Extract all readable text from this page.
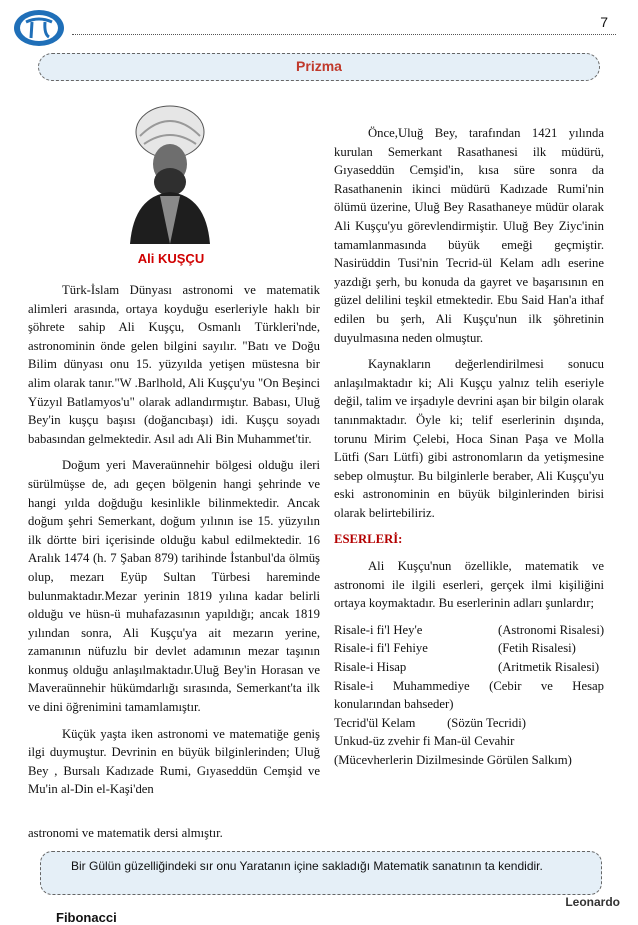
7
Prizma
Ali KUŞÇU

Türk-İslam Dünyası astronomi ve matematik alimleri arasında, ortaya koyduğu eserleriyle haklı bir şöhrete sahip Ali Kuşçu, Osmanlı Türkleri'nde, astronominin önde gelen bilgini sayılır. "Batı ve Doğu Bilim dünyası onu 15. yüzyılda yetişen müstesna bir alim olarak tanır."W .Barlhold, Ali Kuşçu'yu "On Beşinci Yüzyıl Batlamyos'u" olarak adlandırmıştır. Babası, Uluğ Bey'in kuşçu başısı (doğancıbaşı) idi. Kuşçu soyadı babasından gelmektedir. Asıl adı Ali Bin Muhammet'tir.

Doğum yeri Maveraünnehir bölgesi olduğu ileri sürülmüşse de, adı geçen bölgenin hangi şehrinde ve hangi yılda doğduğu kesinlikle bilinmektedir. Ancak doğum şehri Semerkant, doğum yılının ise 15. yüzyılın ilk dörtte biri içerisinde olduğu kabul edilmektedir. 16 Aralık 1474 (h. 7 Şaban 879) tarihinde İstanbul'da ölmüş olup, mezarı Eyüp Sultan Türbesi hareminde bulunmaktadır.Mezar yerinin 1819 yılına kadar belirli olduğu ve hüsn-ü muhafazasının yapıldığı; ancak 1819 yılından sonra, Ali Kuşçu'ya ait mezarın yerine, zamanının nüfuzlu bir devlet adamının mezar taşının konmuş olduğu anlaşılmaktadır.Uluğ Bey'in Horasan ve Maveraünnehir hükümdarlığı sırasında, Semerkant'ta ilk ve dini öğrenimini tamamlamıştır.

Küçük yaşta iken astronomi ve matematiğe geniş ilgi duymuştur. Devrinin en büyük bilginlerinden; Uluğ Bey , Bursalı Kadızade Rumi, Gıyaseddün Cemşid ve Mu'in al-Din el-Kaşi'den

astronomi ve matematik dersi almıştır.

Önce,Uluğ Bey, tarafından 1421 yılında kurulan Semerkant Rasathanesi ilk müdürü, Gıyaseddün Cemşid'in, kısa süre sonra da Rasathanenin ikinci müdürü Kadızade Rumi'nin ölümü üzerine, Uluğ Bey Rasathaneye müdür olarak Ali Kuşçu'yu görevlendirmiştir. Uluğ Bey Ziyc'inin tamamlanmasında büyük emeği geçmiştir. Nasirüddin Tusi'nin Tecrid-ül Kelam adlı eserine yazdığı şerh, bu konuda da gayret ve başarısının en güzel delilini teşkil etmektedir. Ebu Said Han'a ithaf edilen bu şerh, Ali Kuşçu'nun ilk şöhretinin duyulmasına neden olmuştur.

Kaynakların değerlendirilmesi sonucu anlaşılmaktadır ki; Ali Kuşçu yalnız telih eseriyle değil, talim ve irşadıyle devrini aşan bir bilgin olarak tanınmaktadır. Öyle ki; telif eserlerinin dışında, torunu Mirim Çelebi, Hoca Sinan Paşa ve Molla Lütfi (Sarı Lütfi) gibi astronomların da yetişmesine sebep olmuştur. Bu bilginlerle beraber, Ali Kuşçu'yu eski astronominin en büyük bilginlerinden birisi olarak belirtebiliriz.

ESERLERİ:

Ali Kuşçu'nun özellikle, matematik ve astronomi ile ilgili eserleri, gerçek ilmi kişiliğini ortaya koymaktadır. Bu eserlerinin adları şunlardır;

Risale-i fi'l Hey'e	(Astronomi Risalesi)
Risale-i fi'l Fehiye	(Fetih Risalesi)
Risale-i Hisap	(Aritmetik Risalesi)
Risale-i Muhammediye (Cebir ve Hesap konularından bahseder)
Tecrid'ül Kelam          (Sözün Tecridi)
Unkud-üz zvehir fi Man-ül Cevahir
(Mücevherlerin Dizilmesinde Görülen Salkım)
Bir Gülün güzelliğindeki sır onu Yaratanın içine sakladığı Matematik sanatının ta kendidir.
Leonardo
Fibonacci
